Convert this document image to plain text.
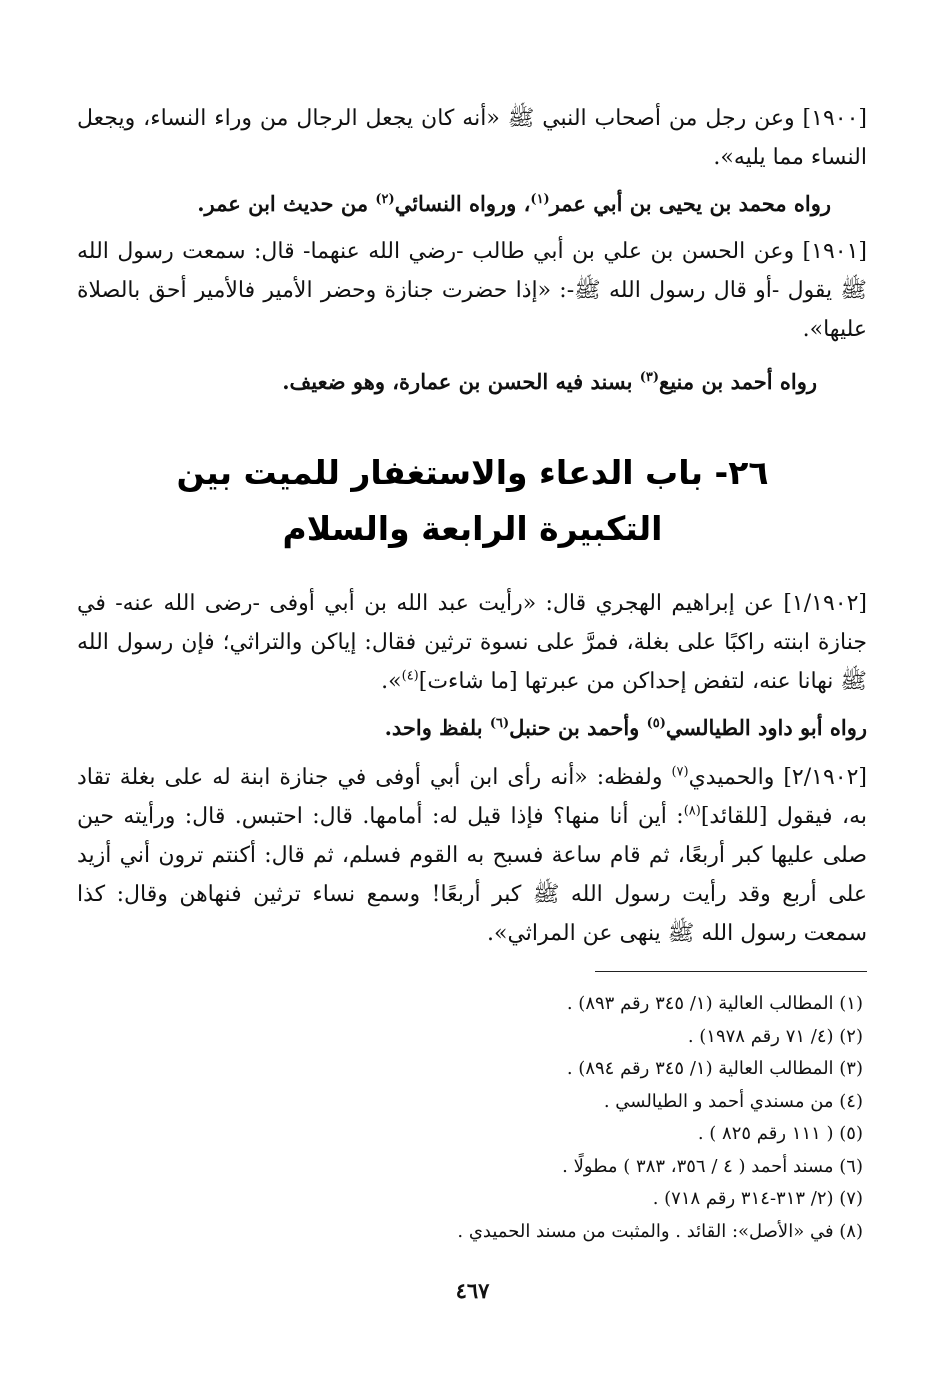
[١٩٠٠] وعن رجل من أصحاب النبي ﷺ «أنه كان يجعل الرجال من وراء النساء، ويجعل النساء مما يليه».

رواه محمد بن يحيى بن أبي عمر$^{(١)}$، ورواه النسائي$^{(٢)}$ من حديث ابن عمر.

[١٩٠١] وعن الحسن بن علي بن أبي طالب -رضي الله عنهما- قال: سمعت رسول الله ﷺ يقول -أو قال رسول الله ﷺ-: «إذا حضرت جنازة وحضر الأمير فالأمير أحق بالصلاة عليها».

رواه أحمد بن منيع$^{(٣)}$ بسند فيه الحسن بن عمارة، وهو ضعيف.
٢٦- باب الدعاء والاستغفار للميت بين
التكبيرة الرابعة والسلام

[١/١٩٠٢] عن إبراهيم الهجري قال: «رأيت عبد الله بن أبي أوفى -رضى الله عنه- في جنازة ابنته راكبًا على بغلة، فمرَّ على نسوة ترثين فقال: إياكن والتراثي؛ فإن رسول الله ﷺ نهانا عنه، لتفض إحداكن من عبرتها [ما شاءت]$^{(٤)}$».

رواه أبو داود الطيالسي$^{(٥)}$ وأحمد بن حنبل$^{(٦)}$ بلفظ واحد.

[٢/١٩٠٢] والحميدي$^{(٧)}$ ولفظه: «أنه رأى ابن أبي أوفى في جنازة ابنة له على بغلة تقاد به، فيقول [للقائد]$^{(٨)}$: أين أنا منها؟ فإذا قيل له: أمامها. قال: احتبس. قال: ورأيته حين صلى عليها كبر أربعًا، ثم قام ساعة فسبح به القوم فسلم، ثم قال: أكنتم ترون أني أزيد على أربع وقد رأيت رسول الله ﷺ كبر أربعًا! وسمع نساء ترثين فنهاهن وقال: كذا سمعت رسول الله ﷺ ينهى عن المراثي».

(١) المطالب العالية (١/ ٣٤٥ رقم ٨٩٣) .
(٢) (٤/ ٧١ رقم ١٩٧٨) .
(٣) المطالب العالية (١/ ٣٤٥ رقم ٨٩٤) .
(٤) من مسندي أحمد و الطيالسي .
(٥) ( ١١١ رقم ٨٢٥ ) .
(٦) مسند أحمد ( ٤ / ٣٥٦، ٣٨٣ ) مطولًا .
(٧) (٢/ ٣١٣-٣١٤ رقم ٧١٨) .
(٨) في «الأصل»: القائد . والمثبت من مسند الحميدي .
٤٦٧
